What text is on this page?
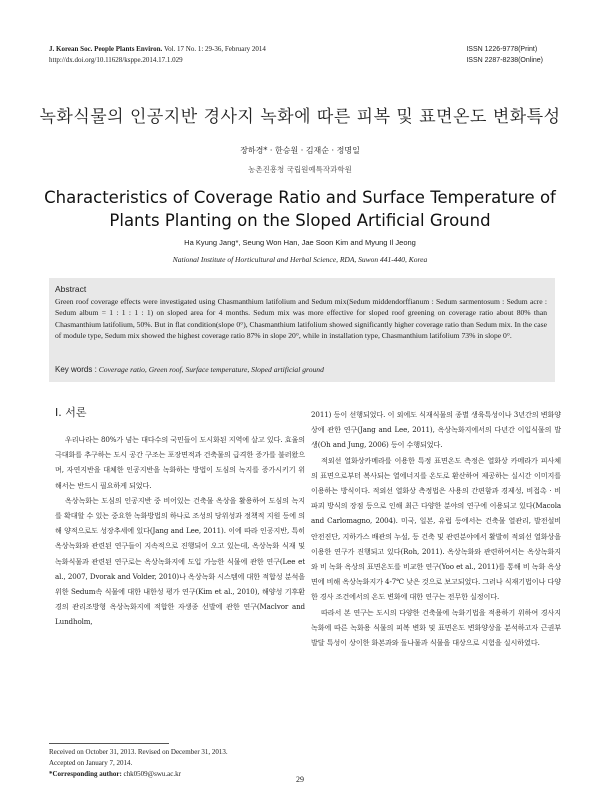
J. Korean Soc. People Plants Environ. Vol. 17 No. 1: 29-36, February 2014
http://dx.doi.org/10.11628/ksppe.2014.17.1.029
ISSN 1226-9778(Print)
ISSN 2287-8238(Online)
녹화식물의 인공지반 경사지 녹화에 따른 피복 및 표면온도 변화특성
장하경* · 한승원 · 김재순 · 정명일
농촌진흥청 국립원예특작과학원
Characteristics of Coverage Ratio and Surface Temperature of
Plants Planting on the Sloped Artificial Ground
Ha Kyung Jang*, Seung Won Han, Jae Soon Kim and Myung Il Jeong
National Institute of Horticultural and Herbal Science, RDA, Suwon 441-440, Korea
Abstract
Green roof coverage effects were investigated using Chasmanthium latifolium and Sedum mix(Sedum middendorffianum : Sedum sarmentosum : Sedum acre : Sedum album = 1 : 1 : 1 : 1) on sloped area for 4 months. Sedum mix was more effective for sloped roof greening on coverage ratio about 80% than Chasmanthium latifolium, 50%. But in flat condition(slope 0°), Chasmanthium latifolium showed significantly higher coverage ratio than Sedum mix. In the case of module type, Sedum mix showed the highest coverage ratio 87% in slope 20°, while in installation type, Chasmanthium latifolium 73% in slope 0°.
Key words : Coverage ratio, Green roof, Surface temperature, Sloped artificial ground
Ⅰ. 서론

우리나라는 80%가 넘는 대다수의 국민들이 도시화된 지역에 살고 있다. 효율의 극대화를 추구하는 도시 공간 구조는 포장면적과 건축물의 급격한 증가를 불러왔으며, 자연지반을 대체한 인공지반을 녹화하는 방법이 도심의 녹지를 증가시키기 위해서는 반드시 필요하게 되었다.

옥상녹화는 도심의 인공지반 중 비어있는 건축물 옥상을 활용하여 도심의 녹지를 확대할 수 있는 중요한 녹화방법의 하나로 조성의 당위성과 정책적 지원 등에 의해 양적으로도 성장추세에 있다(Jang and Lee, 2011). 이에 따라 인공지반, 특히 옥상녹화와 관련된 연구들이 지속적으로 진행되어 오고 있는데, 옥상녹화 식재 및 녹화식물과 관련된 연구로는 옥상녹화지에 도입 가능한 식물에 관한 연구(Lee et al., 2007, Dvorak and Volder, 2010)나 옥상녹화 시스템에 대한 적합성 분석을 위한 Sedum속 식물에 대한 내한성 평가 연구(Kim et al., 2010), 해양성 기후환경의 관리조방형 옥상녹화지에 적합한 자생종 선발에 관한 연구(Maclvor and Lundholm,

2011) 등이 선행되었다. 이 외에도 식재식물의 종별 생육특성이나 3년간의 변화양상에 관한 연구(Jang and Lee, 2011), 옥상녹화지에서의 다년간 이입식물의 발생(Oh and Jung, 2006) 등이 수행되었다.

적외선 열화상카메라를 이용한 특정 표면온도 측정은 열화상 카메라가 피사체의 표면으로부터 복사되는 열에너지를 온도로 환산하여 제공하는 실시간 이미지를 이용하는 방식이다. 적외선 열화상 측정법은 사용의 간편함과 경제성, 비접촉 · 비파괴 방식의 장점 등으로 인해 최근 다양한 분야의 연구에 이용되고 있다(Macola and Carlomagno, 2004). 미국, 일본, 유럽 등에서는 건축물 열관리, 발전설비 안전진단, 지하가스 배관의 누설, 등 건축 및 관련분야에서 활발히 적외선 열화상을 이용한 연구가 진행되고 있다(Roh, 2011). 옥상녹화와 관련하여서는 옥상녹화지와 비 녹화 옥상의 표면온도를 비교한 연구(Yoo et al., 2011)를 통해 비 녹화 옥상면에 비해 옥상녹화지가 4-7℃ 낮은 것으로 보고되었다. 그러나 식재기법이나 다양한 경사 조건에서의 온도 변화에 대한 연구는 전무한 실정이다.

따라서 본 연구는 도시의 다양한 건축물에 녹화기법을 적용하기 위하여 경사지 녹화에 따른 녹화용 식물의 피복 변화 및 표면온도 변화양상을 분석하고자 근권부 발달 특성이 상이한 화본과와 돌나물과 식물을 대상으로 시험을 실시하였다.

Received on October 31, 2013. Revised on December 31, 2013.
Accepted on January 7, 2014.
*Corresponding author: chk0509@swu.ac.kr
29
